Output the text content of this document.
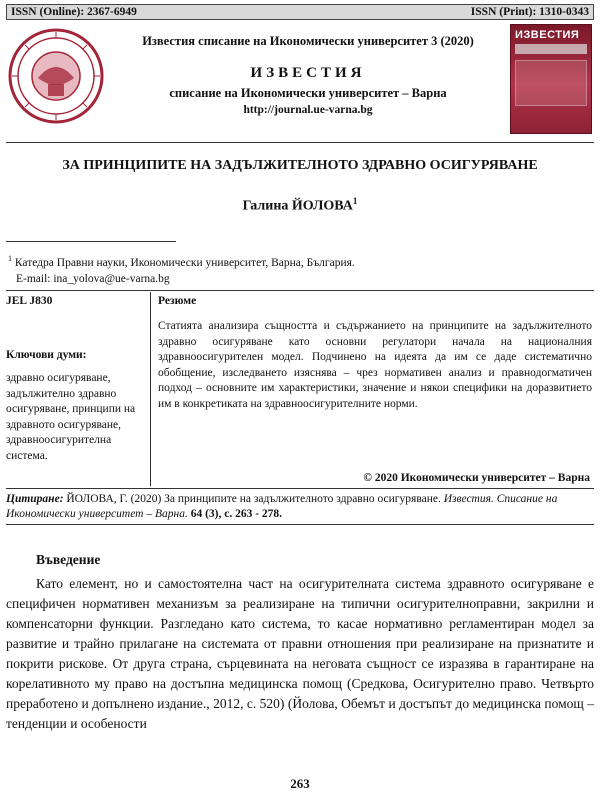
ISSN (Online): 2367-6949	ISSN (Print): 1310-0343
Известия списание на Икономически университет 3 (2020)
ИЗВЕСТИЯ
списание на Икономически университет – Варна
http://journal.ue-varna.bg
ИЗВЕСТИЯ
ЗА ПРИНЦИПИТЕ НА ЗАДЪЛЖИТЕЛНОТО ЗДРАВНО ОСИГУРЯВАНЕ
Галина ЙОЛОВА$^1$
$^1$ Катедра Правни науки, Икономически университет, Варна, България.
E-mail: ina_yolova@ue-varna.bg
JEL J830
Ключови думи:
здравно осигуряване, задължително здравно осигуряване, принципи на здравното осигуряване, здравноосигурителна система.
Резюме
Статията анализира същността и съдържанието на принципите на задължителното здравно осигуряване като основни регулатори начала на националния здравноосигурителен модел. Подчинено на идеята да им се даде систематично обобщение, изследването изяснява – чрез нормативен анализ и правнодогматичен подход – основните им характеристики, значение и някои специфики на доразвитието им в конкретиката на здравноосигурителните норми.
© 2020 Икономически университет – Варна
Цитиране: ЙОЛОВА, Г. (2020) За принципите на задължителното здравно осигуряване. Известия. Списание на Икономически университет – Варна. 64 (3), с. 263 - 278.
Въведение
Като елемент, но и самостоятелна част на осигурителната система здравното осигуряване е специфичен нормативен механизъм за реализиране на типични осигурителноправни, закрилни и компенсаторни функции. Разгледано като система, то касае нормативно регламентиран модел за развитие и трайно прилагане на системата от правни отношения при реализиране на признатите и покрити рискове. От друга страна, сърцевината на неговата същност се изразява в гарантиране на корелативното му право на достъпна медицинска помощ (Средкова, Осигурително право. Четвърто преработено и допълнено издание., 2012, с. 520) (Йолова, Обемът и достъпът до медицинска помощ – тенденции и особености
263
